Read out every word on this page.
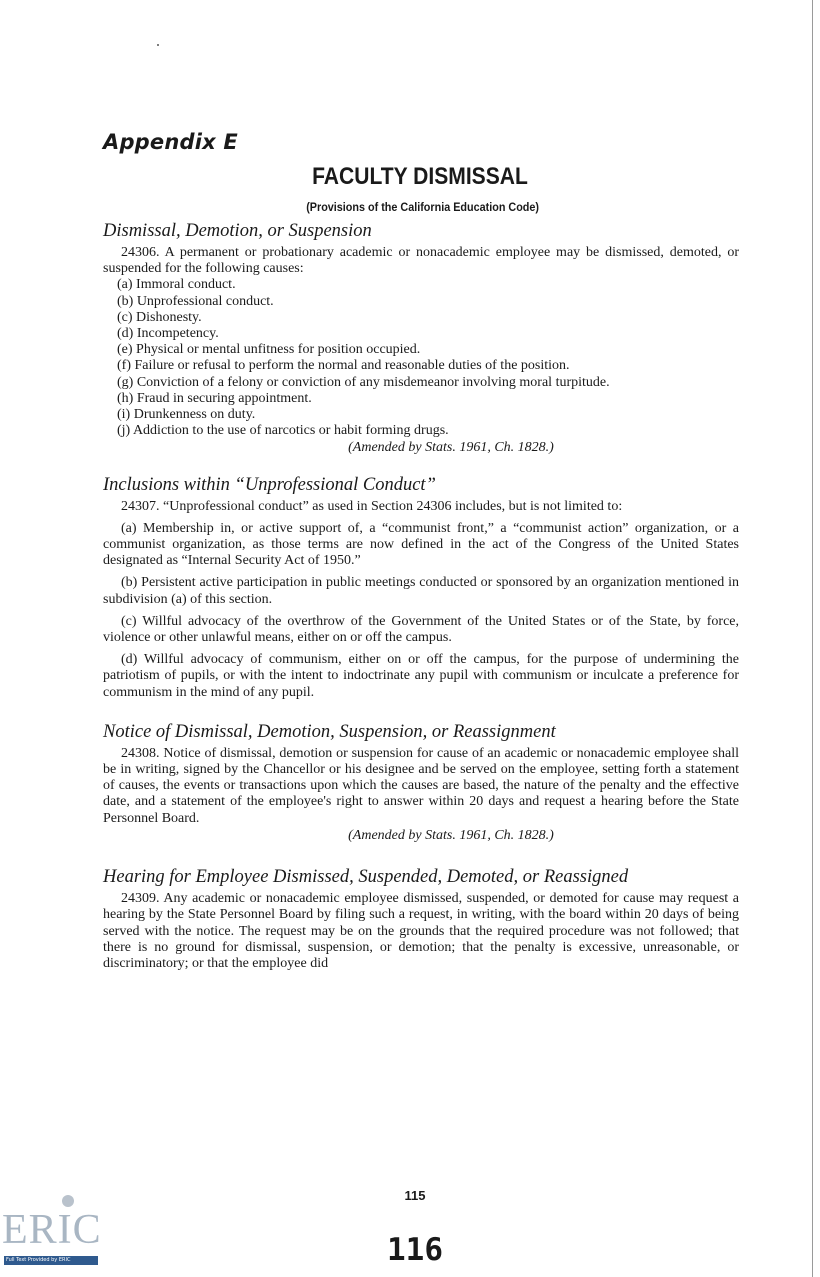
Appendix E
FACULTY DISMISSAL
(Provisions of the California Education Code)
Dismissal, Demotion, or Suspension

24306. A permanent or probationary academic or nonacademic employee may be dismissed, demoted, or suspended for the following causes:

(a) Immoral conduct.

(b) Unprofessional conduct.

(c) Dishonesty.

(d) Incompetency.

(e) Physical or mental unfitness for position occupied.

(f) Failure or refusal to perform the normal and reasonable duties of the position.

(g) Conviction of a felony or conviction of any misdemeanor involving moral turpitude.

(h) Fraud in securing appointment.

(i) Drunkenness on duty.

(j) Addiction to the use of narcotics or habit forming drugs.

(Amended by Stats. 1961, Ch. 1828.)

Inclusions within “Unprofessional Conduct”

24307. “Unprofessional conduct” as used in Section 24306 includes, but is not limited to:

(a) Membership in, or active support of, a “communist front,” a “communist action” organization, or a communist organization, as those terms are now defined in the act of the Congress of the United States designated as “Internal Security Act of 1950.”

(b) Persistent active participation in public meetings conducted or sponsored by an organization mentioned in subdivision (a) of this section.

(c) Willful advocacy of the overthrow of the Government of the United States or of the State, by force, violence or other unlawful means, either on or off the campus.

(d) Willful advocacy of communism, either on or off the campus, for the purpose of undermining the patriotism of pupils, or with the intent to indoctrinate any pupil with communism or inculcate a preference for communism in the mind of any pupil.

Notice of Dismissal, Demotion, Suspension, or Reassignment

24308. Notice of dismissal, demotion or suspension for cause of an academic or nonacademic employee shall be in writing, signed by the Chancellor or his designee and be served on the employee, setting forth a statement of causes, the events or transactions upon which the causes are based, the nature of the penalty and the effective date, and a statement of the employee's right to answer within 20 days and request a hearing before the State Personnel Board.

(Amended by Stats. 1961, Ch. 1828.)

Hearing for Employee Dismissed, Suspended, Demoted, or Reassigned

24309. Any academic or nonacademic employee dismissed, suspended, or demoted for cause may request a hearing by the State Personnel Board by filing such a request, in writing, with the board within 20 days of being served with the notice. The request may be on the grounds that the required procedure was not followed; that there is no ground for dismissal, suspension, or demotion; that the penalty is excessive, unreasonable, or discriminatory; or that the employee did

115
116
ERIC
Full Text Provided by ERIC
